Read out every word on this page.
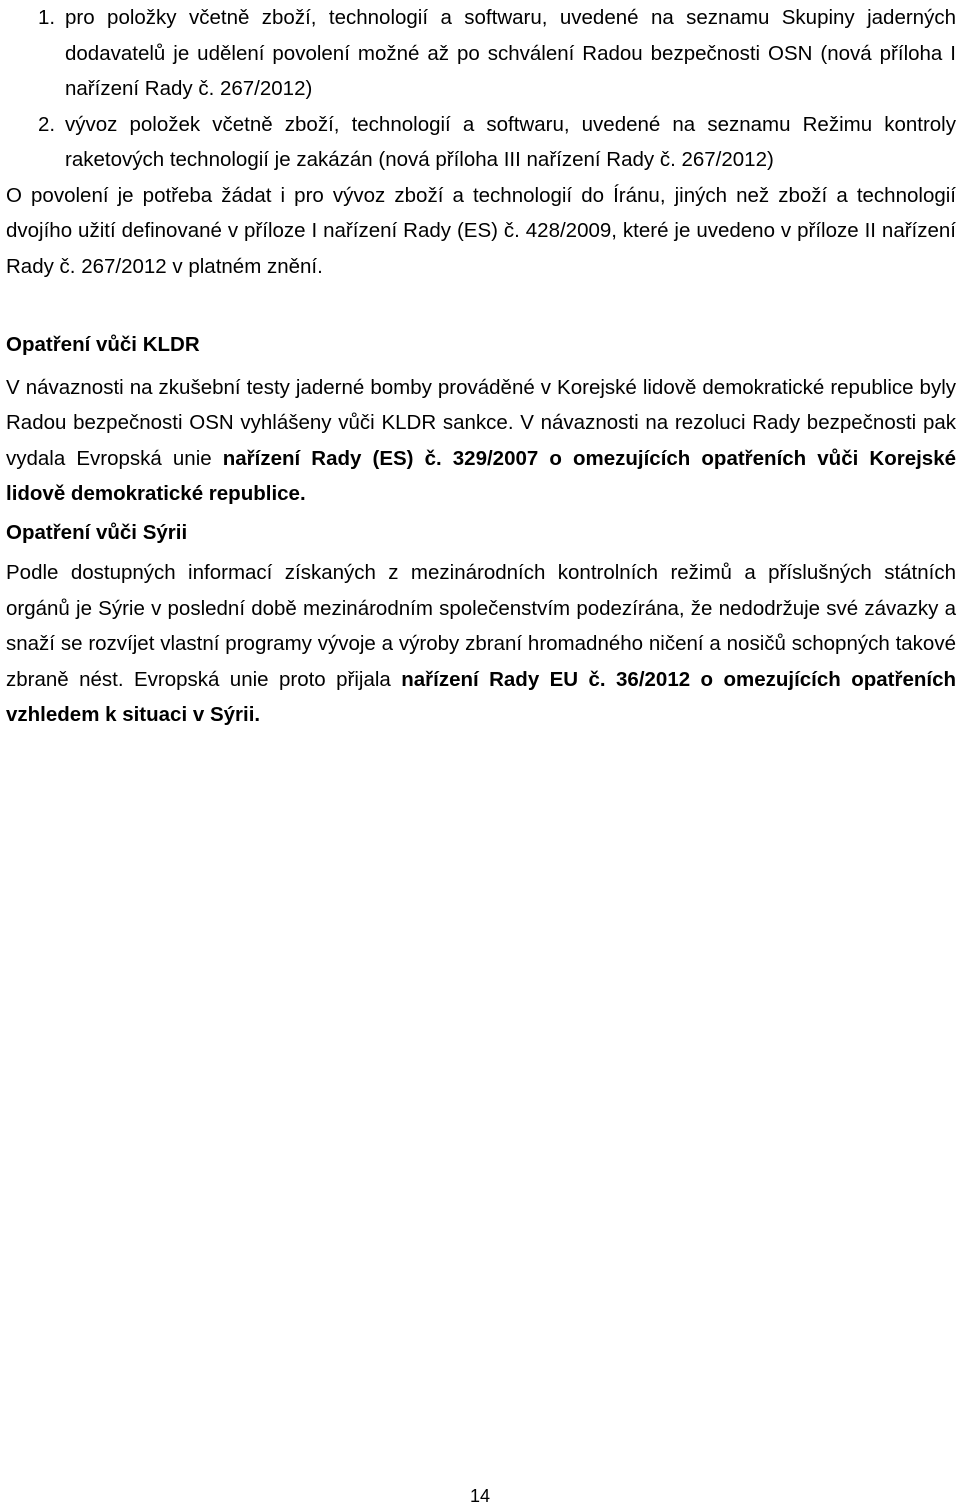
1. pro položky včetně zboží, technologií a softwaru, uvedené na seznamu Skupiny jaderných dodavatelů je udělení povolení možné až po schválení Radou bezpečnosti OSN (nová příloha I nařízení Rady č. 267/2012)
2. vývoz položek včetně zboží, technologií a softwaru, uvedené na seznamu Režimu kontroly raketových technologií je zakázán (nová příloha III nařízení Rady č. 267/2012)

O povolení je potřeba žádat i pro vývoz zboží a technologií do Íránu, jiných než zboží a technologií dvojího užití definované v příloze I nařízení Rady (ES) č. 428/2009, které je uvedeno v příloze II nařízení Rady č. 267/2012 v platném znění.

Opatření vůči KLDR

V návaznosti na zkušební testy jaderné bomby prováděné v Korejské lidově demokratické republice byly Radou bezpečnosti OSN vyhlášeny vůči KLDR sankce. V návaznosti na rezoluci Rady bezpečnosti pak vydala Evropská unie nařízení Rady (ES) č. 329/2007 o omezujících opatřeních vůči Korejské lidově demokratické republice.

Opatření vůči Sýrii

Podle dostupných informací získaných z mezinárodních kontrolních režimů a příslušných státních orgánů je Sýrie v poslední době mezinárodním společenstvím podezírána, že nedodržuje své závazky a snaží se rozvíjet vlastní programy vývoje a výroby zbraní hromadného ničení a nosičů schopných takové zbraně nést. Evropská unie proto přijala nařízení Rady EU č. 36/2012 o omezujících opatřeních vzhledem k situaci v Sýrii.

14
